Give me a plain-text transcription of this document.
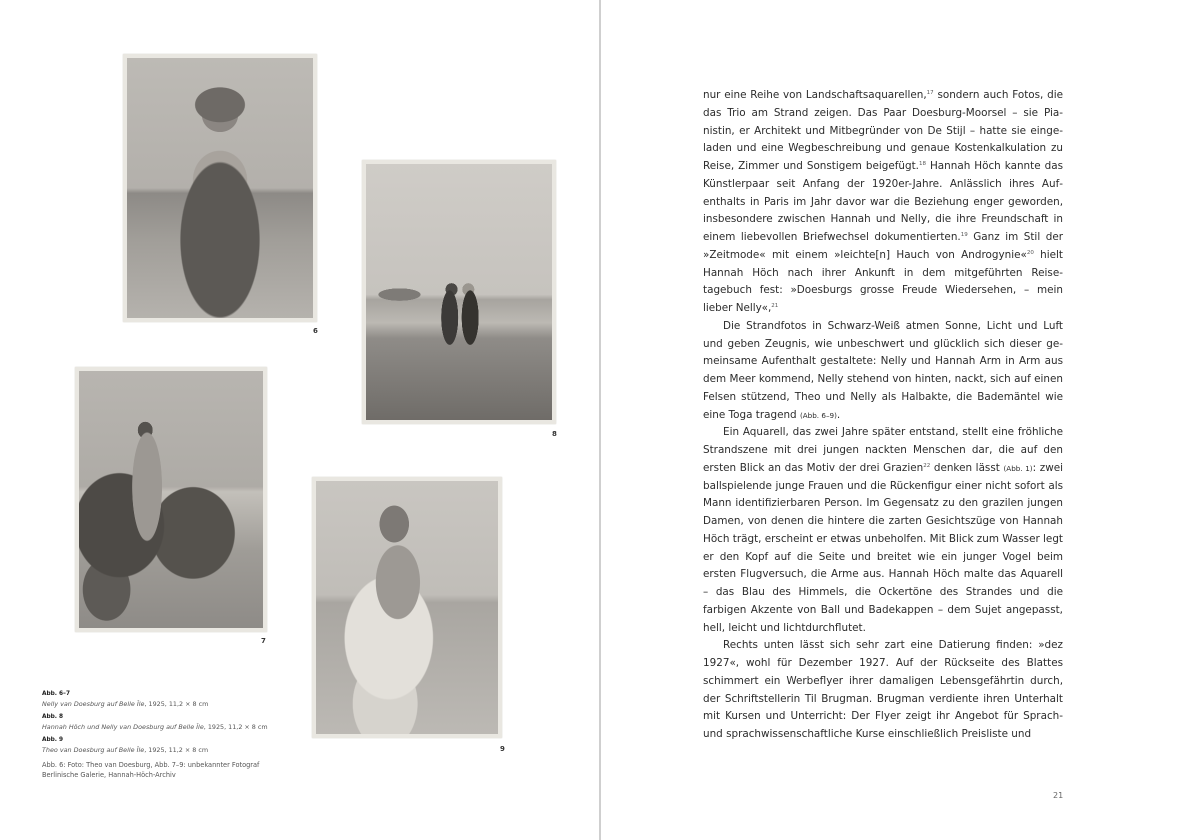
6
8
7
9
Abb. 6–7
Nelly van Doesburg auf Belle Île, 1925, 11,2 × 8 cm
Abb. 8
Hannah Höch und Nelly van Doesburg auf Belle Île, 1925, 11,2 × 8 cm
Abb. 9
Theo van Doesburg auf Belle Île, 1925, 11,2 × 8 cm
Abb. 6: Foto: Theo van Doesburg, Abb. 7–9: unbekannter Fotograf
Berlinische Galerie, Hannah-Höch-Archiv

nur eine Reihe von Landschaftsaquarellen,$^{17}$ sondern auch Fotos, die das Trio am Strand zeigen. Das Paar Doesburg-Moorsel – sie Pianistin, er Architekt und Mitbegründer von De Stijl – hatte sie eingeladen und eine Wegbeschreibung und genaue Kostenkalkulation zu Reise, Zimmer und Sonstigem beigefügt.$^{18}$ Hannah Höch kannte das Künstlerpaar seit Anfang der 1920er-Jahre. Anlässlich ihres Aufenthalts in Paris im Jahr davor war die Beziehung enger geworden, insbesondere zwischen Hannah und Nelly, die ihre Freundschaft in einem liebevollen Briefwechsel dokumentierten.$^{19}$ Ganz im Stil der »Zeitmode« mit einem »leichte[n] Hauch von Androgynie«$^{20}$ hielt Hannah Höch nach ihrer Ankunft in dem mitgeführten Reisetagebuch fest: »Doesburgs grosse Freude Wiedersehen, – mein lieber Nelly«,$^{21}$

Die Strandfotos in Schwarz-Weiß atmen Sonne, Licht und Luft und geben Zeugnis, wie unbeschwert und glücklich sich dieser gemeinsame Aufenthalt gestaltete: Nelly und Hannah Arm in Arm aus dem Meer kommend, Nelly stehend von hinten, nackt, sich auf einen Felsen stützend, Theo und Nelly als Halbakte, die Bademäntel wie eine Toga tragend (Abb. 6–9).

Ein Aquarell, das zwei Jahre später entstand, stellt eine fröhliche Strandszene mit drei jungen nackten Menschen dar, die auf den ersten Blick an das Motiv der drei Grazien$^{22}$ denken lässt (Abb. 1): zwei ballspielende junge Frauen und die Rückenfigur einer nicht sofort als Mann identifizierbaren Person. Im Gegensatz zu den grazilen jungen Damen, von denen die hintere die zarten Gesichtszüge von Hannah Höch trägt, erscheint er etwas unbeholfen. Mit Blick zum Wasser legt er den Kopf auf die Seite und breitet wie ein junger Vogel beim ersten Flugversuch, die Arme aus. Hannah Höch malte das Aquarell – das Blau des Himmels, die Ockertöne des Strandes und die farbigen Akzente von Ball und Badekappen – dem Sujet angepasst, hell, leicht und lichtdurchflutet.

Rechts unten lässt sich sehr zart eine Datierung finden: »dez 1927«, wohl für Dezember 1927. Auf der Rückseite des Blattes schimmert ein Werbeflyer ihrer damaligen Lebensgefährtin durch, der Schriftstellerin Til Brugman. Brugman verdiente ihren Unterhalt mit Kursen und Unterricht: Der Flyer zeigt ihr Angebot für Sprach- und sprachwissenschaftliche Kurse einschließlich Preisliste und

21
